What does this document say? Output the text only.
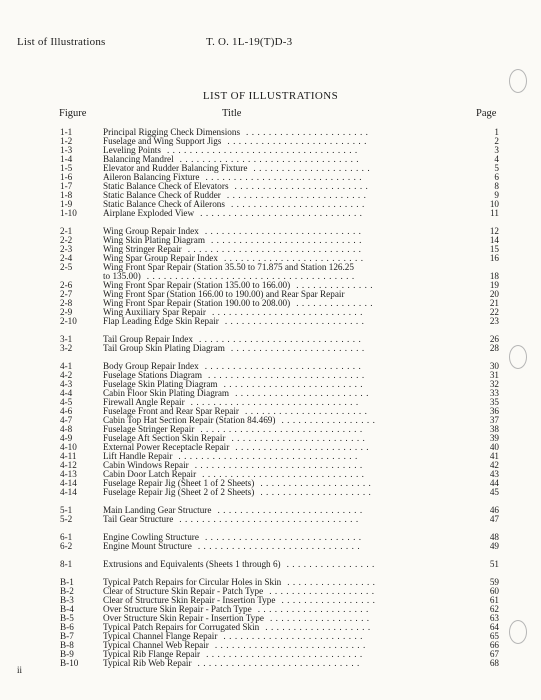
List of Illustrations	T. O. 1L-19(T)D-3
LIST OF ILLUSTRATIONS
Figure	Title	Page
1-1	Principal Rigging Check Dimensions	1
......................
1-2	Fuselage and Wing Support Jigs	2
.........................
1-3	Leveling Points	3
..................................
1-4	Balancing Mandrel	4
................................
1-5	Elevator and Rudder Balancing Fixture	5
.....................
1-6	Aileron Balancing Fixture	6
............................
1-7	Static Balance Check of Elevators	8
........................
1-8	Static Balance Check of Rudder	9
.........................
1-9	Static Balance Check of Ailerons	10
........................
1-10	Airplane Exploded View	11
.............................
2-1	Wing Group Repair Index	12
............................
2-2	Wing Skin Plating Diagram	14
...........................
2-3	Wing Stringer Repair	15
...............................
2-4	Wing Spar Group Repair Index	16
.........................
2-5	Wing Front Spar Repair (Station 35.50 to 71.875 and Station 126.25
to 135.00)	18
.....................................
2-6	Wing Front Spar Repair (Station 135.00 to 166.00)	19
..............
2-7	Wing Front Spar (Station 166.00 to 190.00) and Rear Spar Repair	20
2-8	Wing Front Spar Repair (Station 190.00 to 208.00)	21
..............
2-9	Wing Auxiliary Spar Repair	22
...........................
2-10	Flap Leading Edge Skin Repair	23
.........................
3-1	Tail Group Repair Index	26
.............................
3-2	Tail Group Skin Plating Diagram	28
........................
4-1	Body Group Repair Index	30
............................
4-2	Fuselage Stations Diagram	31
............................
4-3	Fuselage Skin Plating Diagram	32
.........................
4-4	Cabin Floor Skin Plating Diagram	33
........................
4-5	Firewall Angle Repair	35
..............................
4-6	Fuselage Front and Rear Spar Repair	36
......................
4-7	Cabin Top Hat Section Repair (Station 84.469)	37
.................
4-8	Fuselage Stringer Repair	38
.............................
4-9	Fuselage Aft Section Skin Repair	39
........................
4-10	External Power Receptacle Repair	40
........................
4-11	Lift Handle Repair	41
................................
4-12	Cabin Windows Repair	42
..............................
4-13	Cabin Door Latch Repair	43
.............................
4-14	Fuselage Repair Jig (Sheet 1 of 2 Sheets)	44
....................
4-14	Fuselage Repair Jig (Sheet 2 of 2 Sheets)	45
....................
5-1	Main Landing Gear Structure	46
..........................
5-2	Tail Gear Structure	47
................................
6-1	Engine Cowling Structure	48
............................
6-2	Engine Mount Structure	49
.............................
8-1	Extrusions and Equivalents (Sheets 1 through 6)	51
................
B-1	Typical Patch Repairs for Circular Holes in Skin	59
................
B-2	Clear of Structure Skin Repair - Patch Type	60
...................
B-3	Clear of Structure Skin Repair - Insertion Type	61
.................
B-4	Over Structure Skin Repair - Patch Type	62
....................
B-5	Over Structure Skin Repair - Insertion Type	63
..................
B-6	Typical Patch Repairs for Corrugated Skin	64
...................
B-7	Typical Channel Flange Repair	65
.........................
B-8	Typical Channel Web Repair	66
...........................
B-9	Typical Rib Flange Repair	67
............................
B-10	Typical Rib Web Repair	68
.............................
ii
